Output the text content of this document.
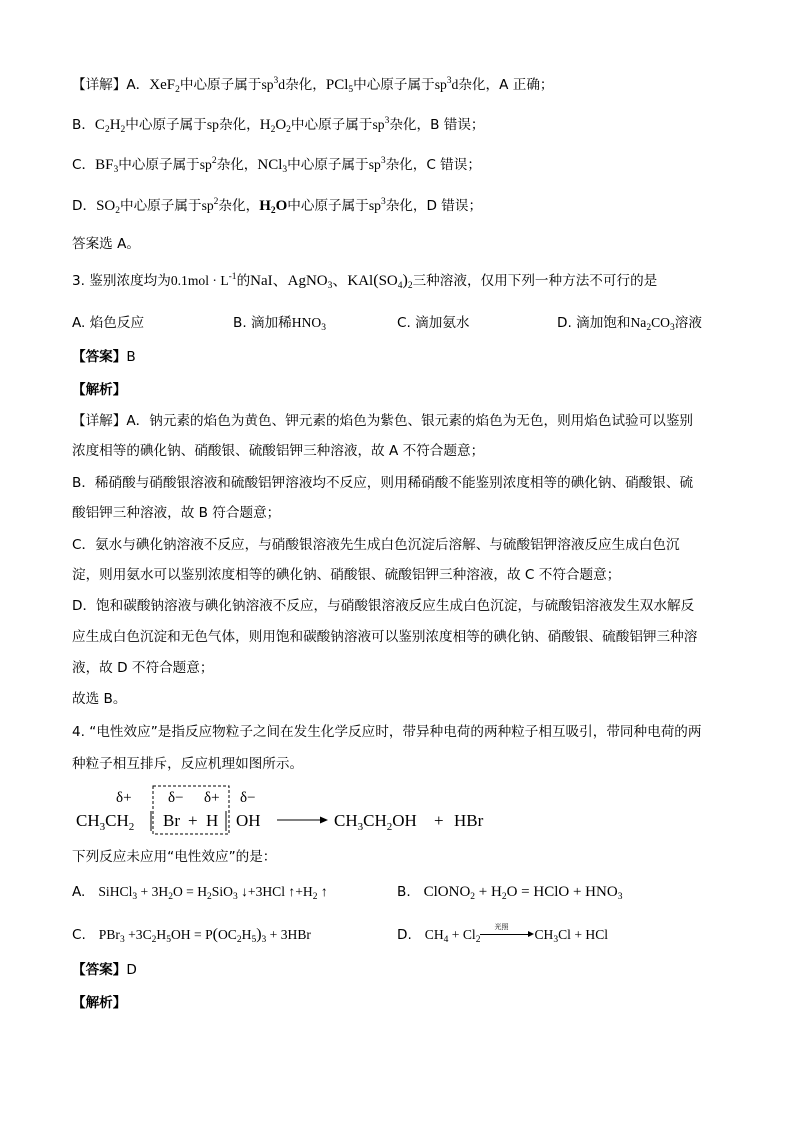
【详解】A．XeF$_2$中心原子属于$sp^3d$杂化，PCl$_5$中心原子属于$sp^3d$杂化，A 正确；
B．$C_2H_2$中心原子属于sp杂化，$H_2O_2$中心原子属于$sp^3$杂化，B 错误；
C．$BF_3$中心原子属于$sp^2$杂化，NCl$_3$中心原子属于$sp^3$杂化，C 错误；
D．$SO_2$中心原子属于$sp^2$杂化，$H_2O$中心原子属于$sp^3$杂化，D 错误；
答案选 A。
3. 鉴别浓度均为$0.1mol \cdot L^{-1}$的NaI、AgNO$_3$、$KAl(SO_4)_2$三种溶液，仅用下列一种方法不可行的是
A. 焰色反应	B. 滴加稀$HNO_3$	C. 滴加氨水	D. 滴加饱和$Na_2CO_3$溶液
【答案】B
【解析】
【详解】A．钠元素的焰色为黄色、钾元素的焰色为紫色、银元素的焰色为无色，则用焰色试验可以鉴别
浓度相等的碘化钠、硝酸银、硫酸铝钾三种溶液，故 A 不符合题意；
B．稀硝酸与硝酸银溶液和硫酸铝钾溶液均不反应，则用稀硝酸不能鉴别浓度相等的碘化钠、硝酸银、硫
酸铝钾三种溶液，故 B 符合题意；
C．氨水与碘化钠溶液不反应，与硝酸银溶液先生成白色沉淀后溶解、与硫酸铝钾溶液反应生成白色沉
淀，则用氨水可以鉴别浓度相等的碘化钠、硝酸银、硫酸铝钾三种溶液，故 C 不符合题意；
D．饱和碳酸钠溶液与碘化钠溶液不反应，与硝酸银溶液反应生成白色沉淀，与硫酸铝溶液发生双水解反
应生成白色沉淀和无色气体，则用饱和碳酸钠溶液可以鉴别浓度相等的碘化钠、硝酸银、硫酸铝钾三种溶
液，故 D 不符合题意；
故选 B。
4. “电性效应”是指反应物粒子之间在发生化学反应时，带异种电荷的两种粒子相互吸引，带同种电荷的两
种粒子相互排斥，反应机理如图所示。
δ+ δ− δ+ δ−
$CH_3CH_2$ Br + H OH	$CH_3CH_2OH$ + HBr
下列反应未应用“电性效应”的是：
A. SiHCl$_3$ + $3H_2O = H_2SiO_3$ ↓+3HCl $↑+H_2$ ↑	B. ClONO$_2$ + $H_2O$ = HClO + $HNO_3$
C. $PBr_3 +3C_2H_5OH = P(OC_2H_5)_3 + 3HBr$	D. $CH_4 + Cl_2$
光照 $CH_3Cl$ + HCl
【答案】D
【解析】
